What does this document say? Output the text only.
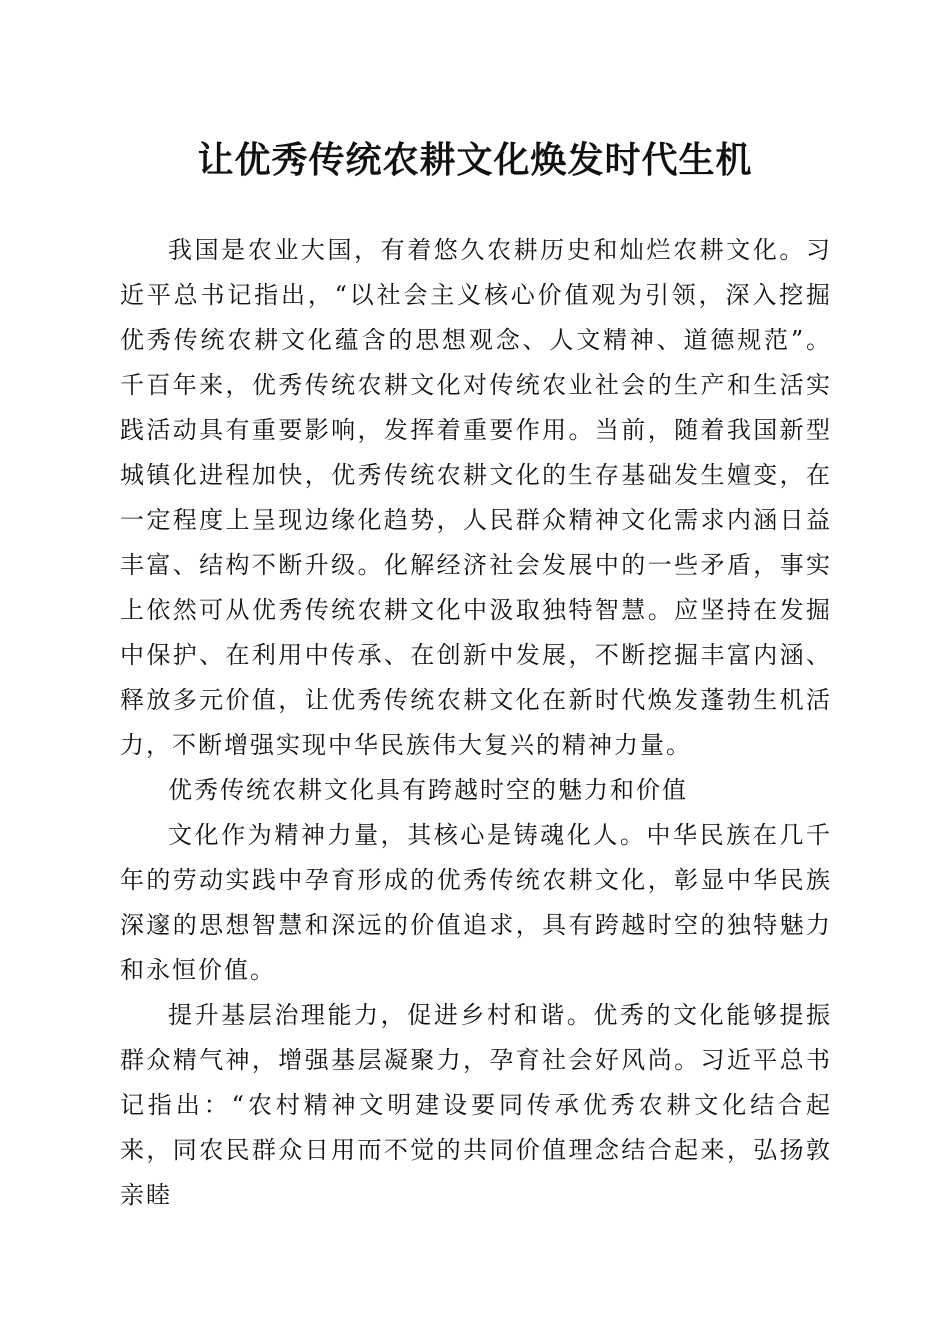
让优秀传统农耕文化焕发时代生机

我国是农业大国，有着悠久农耕历史和灿烂农耕文化。习近平总书记指出，“以社会主义核心价值观为引领，深入挖掘优秀传统农耕文化蕴含的思想观念、人文精神、道德规范”。千百年来，优秀传统农耕文化对传统农业社会的生产和生活实践活动具有重要影响，发挥着重要作用。当前，随着我国新型城镇化进程加快，优秀传统农耕文化的生存基础发生嬗变，在一定程度上呈现边缘化趋势，人民群众精神文化需求内涵日益丰富、结构不断升级。化解经济社会发展中的一些矛盾，事实上依然可从优秀传统农耕文化中汲取独特智慧。应坚持在发掘中保护、在利用中传承、在创新中发展，不断挖掘丰富内涵、释放多元价值，让优秀传统农耕文化在新时代焕发蓬勃生机活力，不断增强实现中华民族伟大复兴的精神力量。

优秀传统农耕文化具有跨越时空的魅力和价值

文化作为精神力量，其核心是铸魂化人。中华民族在几千年的劳动实践中孕育形成的优秀传统农耕文化，彰显中华民族深邃的思想智慧和深远的价值追求，具有跨越时空的独特魅力和永恒价值。

提升基层治理能力，促进乡村和谐。优秀的文化能够提振群众精气神，增强基层凝聚力，孕育社会好风尚。习近平总书记指出：“农村精神文明建设要同传承优秀农耕文化结合起来，同农民群众日用而不觉的共同价值理念结合起来，弘扬敦亲睦
